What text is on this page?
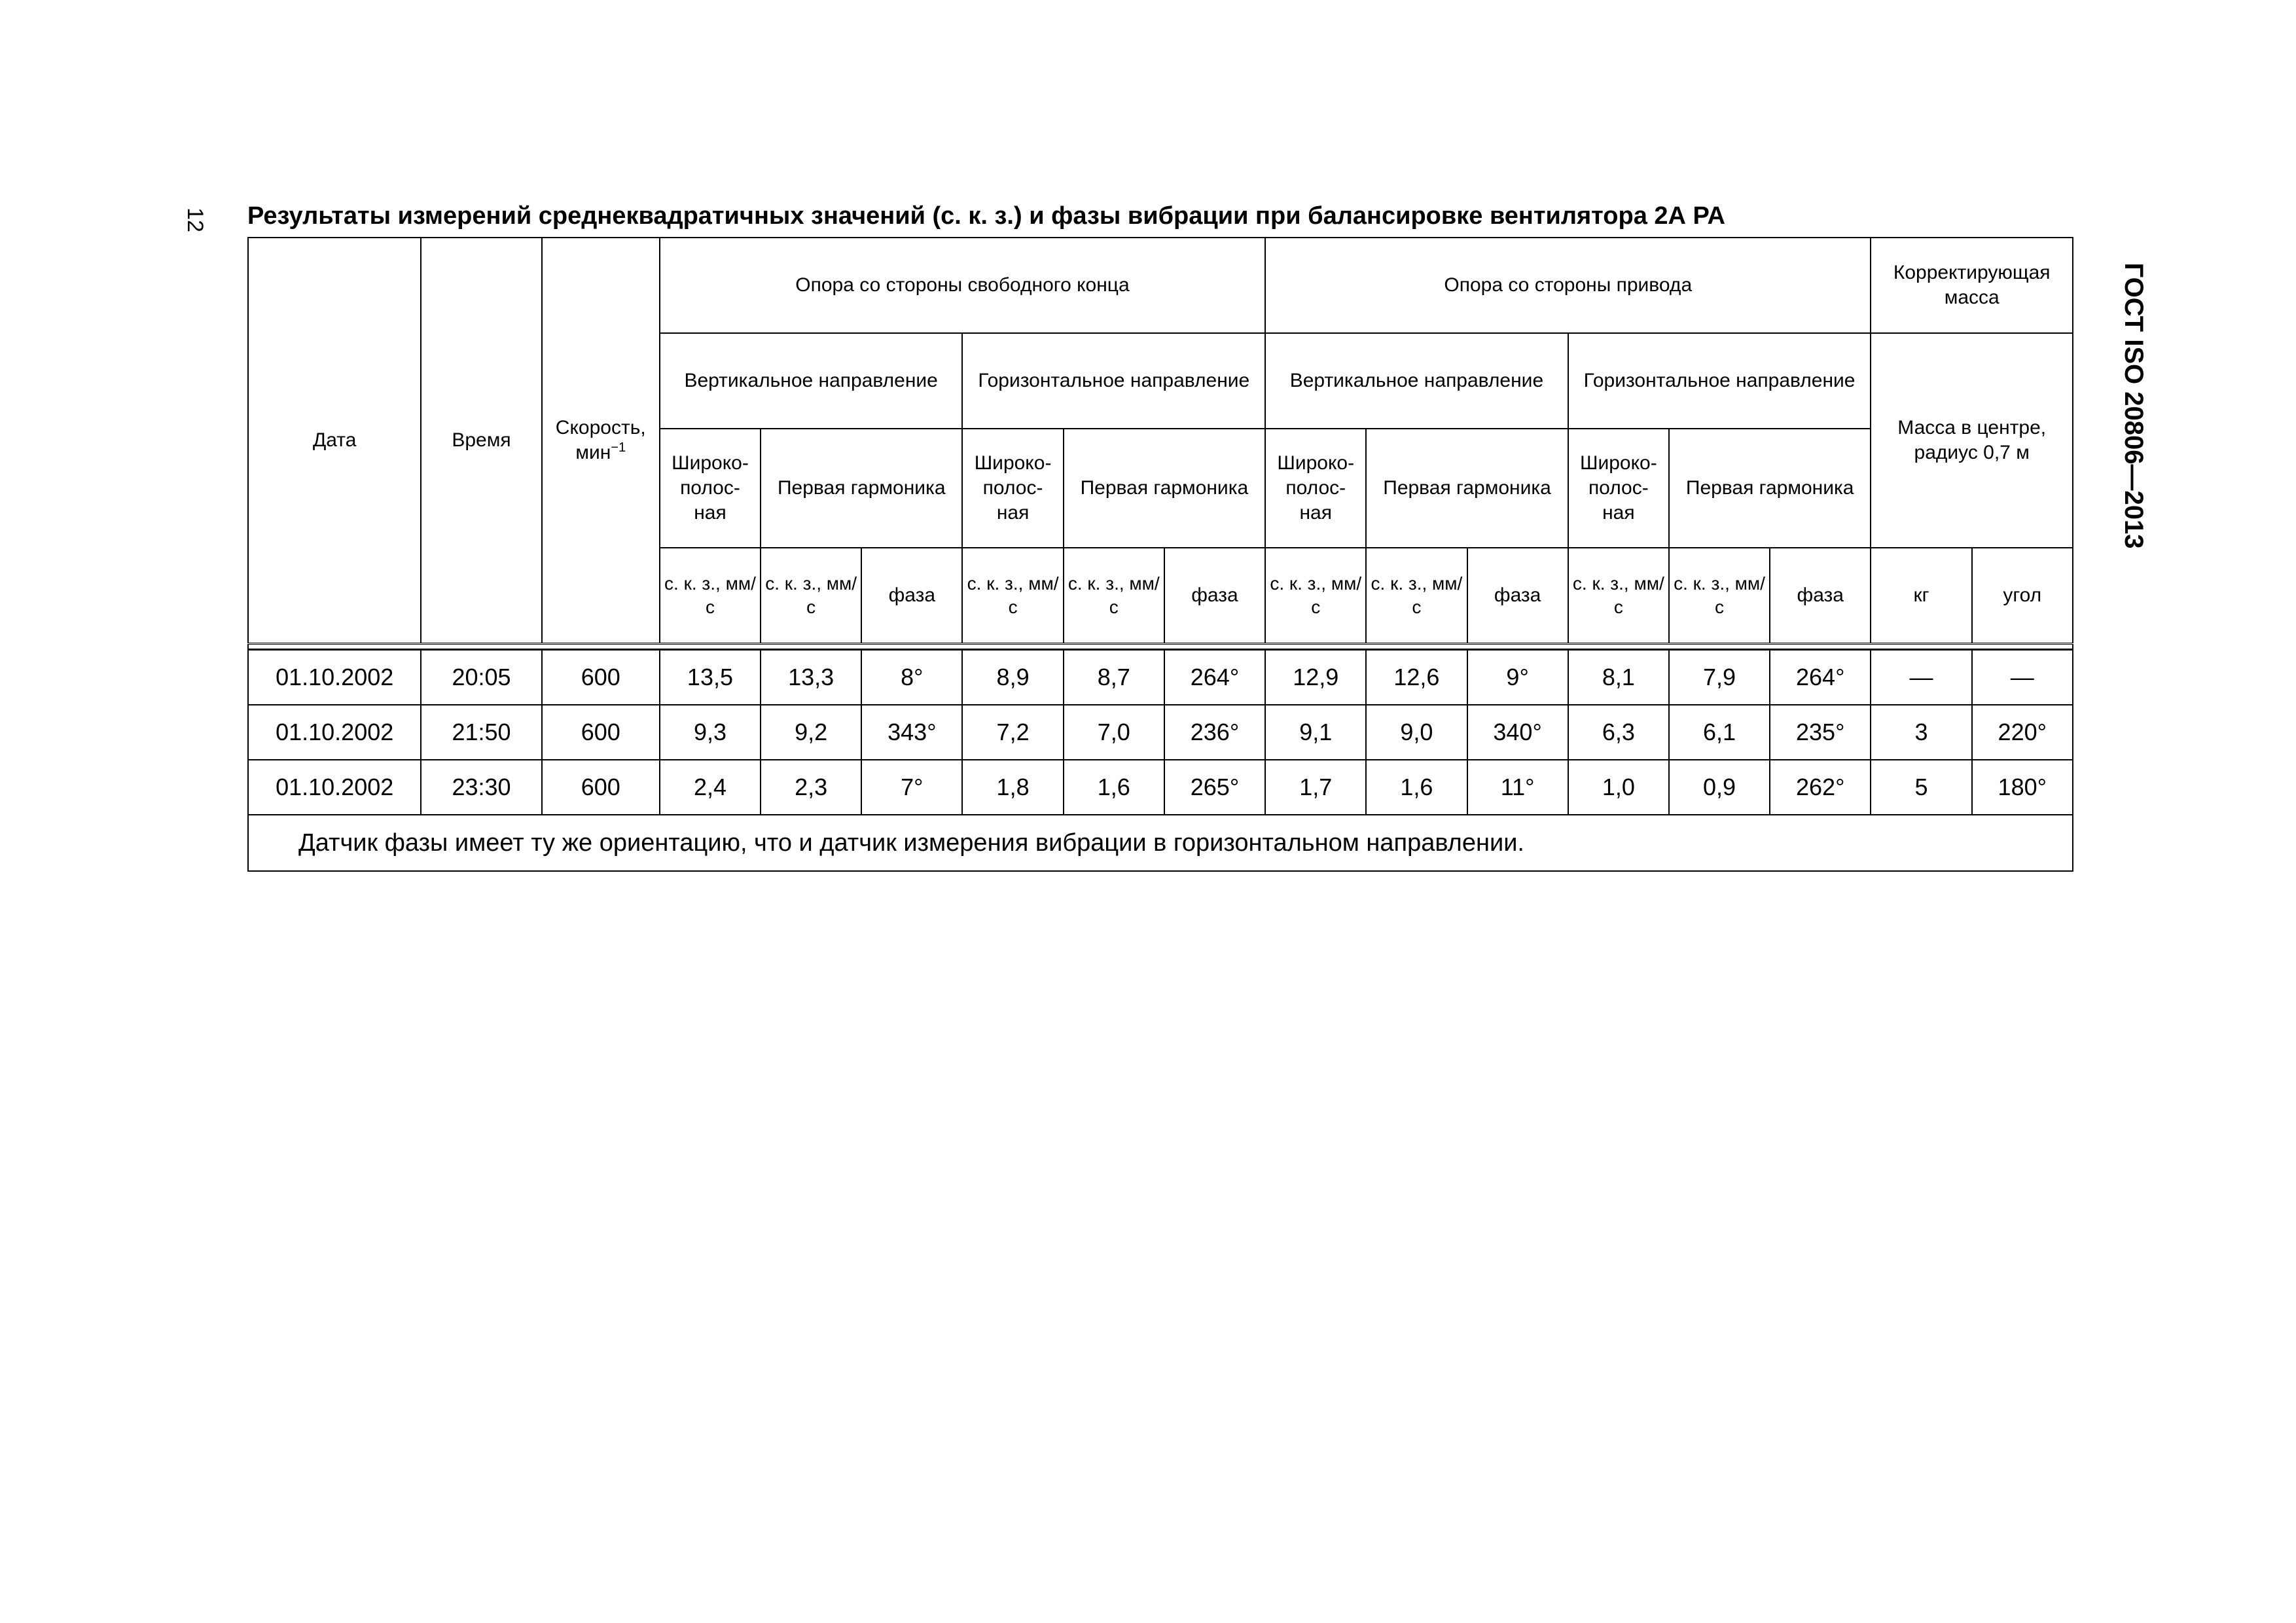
12
ГОСТ ISO 20806—2013
Результаты измерений среднеквадратичных значений (с. к. з.) и фазы вибрации при балансировке вентилятора 2А РА
Дата	Время	Скорость, мин$^{-1}$	Опора со стороны свободного конца						Опора со стороны привода						Корректирующая масса	
			Вертикальное направление			Горизонтальное направление			Вертикальное направление			Горизонтальное направление			Масса в центре, радиус 0,7 м	
			Широко-полос-ная	Первая гармоника		Широко-полос-ная	Первая гармоника		Широко-полос-ная	Первая гармоника		Широко-полос-ная	Первая гармоника			
			с. к. з., мм/с	с. к. з., мм/с	фаза	с. к. з., мм/с	с. к. з., мм/с	фаза	с. к. з., мм/с	с. к. з., мм/с	фаза	с. к. з., мм/с	с. к. з., мм/с	фаза	кг	угол

01.10.2002	20:05	600	13,5	13,3	8°	8,9	8,7	264°	12,9	12,6	9°	8,1	7,9	264°	—	—
01.10.2002	21:50	600	9,3	9,2	343°	7,2	7,0	236°	9,1	9,0	340°	6,3	6,1	235°	3	220°
01.10.2002	23:30	600	2,4	2,3	7°	1,8	1,6	265°	1,7	1,6	11°	1,0	0,9	262°	5	180°
Датчик фазы имеет ту же ориентацию, что и датчик измерения вибрации в горизонтальном направлении.																
